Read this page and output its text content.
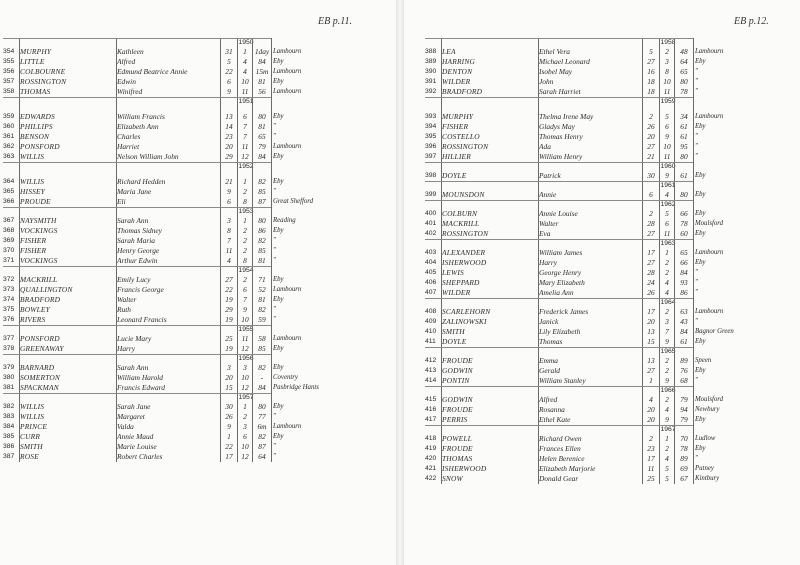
EB p.11.
1950
354 MURPHY	Kathleen	31	1	1day Lambourn
355 LITTLE	Alfred	5	4	84	Eby
356 COLBOURNE	Edmund Beatrice Annie	22	4	15m Lambourn
357 ROSSINGTON	Edwin	6	10	81	Eby
358 THOMAS	Winifred	9	11	56	Lambourn
1951
359 EDWARDS	William Francis	13	6	80	Eby
360 PHILLIPS	Elizabeth Ann	14	7	81	"
361 BENSON	Charles	23	7	65	"
362 PONSFORD	Harriet	20	11	79	Lambourn
363 WILLIS	Nelson William John	29	12	84	Eby
1952
364 WILLIS	Richard Hedden	21	1	82	Eby
365 HISSEY	Maria Jane	9	2	85	"
366 PROUDE	Eli	6	8	87	Great Shefford
1953
367 NAYSMITH	Sarah Ann	3	1	80	Reading
368 VOCKINGS	Thomas Sidney	8	2	86	Eby
369 FISHER	Sarah Maria	7	2	82	"
370 FISHER	Henry George	11	2	85	"
371 VOCKINGS	Arthur Edwin	4	8	81	"
1954
372 MACKRILL	Emily Lucy	27	2	71	Eby
373 QUALLINGTON	Francis George	22	6	52	Lambourn
374 BRADFORD	Walter	19	7	81	Eby
375 BOWLEY	Ruth	29	9	82	"
376 RIVERS	Leonard Francis	19	10	59	"
1955
377 PONSFORD	Lucie Mary	25	11	58	Lambourn
378 GREENAWAY	Harry	19	12	85	Eby
1956
379 BARNARD	Sarah Ann	3	3	82	Eby
380 SOMERTON	William Harold	20	10	-	Coventry
381 SPACKMAN	Francis Edward	15	12	84	Pasbridge Hants
1957
382 WILLIS	Sarah Jane	30	1	80	Eby
383 WILLIS	Margaret	26	2	77	"
384 PRINCE	Valda	9	3	6m Lambourn
385 CURR	Annie Maud	1	6	82	Eby
386 SMITH	Marie Louise	22	10	87	"
387 ROSE	Robert Charles	17	12	64	"
EB p.12.
1958
388 LEA	Ethel Vera	5	2	48	Lambourn
389 HARRING	Michael Leonard	27	3	64	Eby
390 DENTON	Isobel May	16	8	65	"
391 WILDER	John	18	10	80	"
392 BRADFORD	Sarah Harriet	18	11	78	"
1959
393 MURPHY	Thelma Irene May	2	5	34	Lambourn
394 FISHER	Gladys May	26	6	61	Eby
395 COSTELLO	Thomas Henry	20	9	61	"
396 ROSSINGTON	Ada	27	10	95	"
397 HILLIER	William Henry	21	11	80	"
1960
398 DOYLE	Patrick	30	9	61	Eby
1961
399 MOUNSDON	Annie	6	4	80	Eby
1962
400 COLBURN	Annie Louise	2	5	66	Eby
401 MACKRILL	Walter	28	6	78	Moulsford
402 ROSSINGTON	Eva	27	11	60	Eby
1963
403 ALEXANDER	William James	17	1	65	Lambourn
404 ISHERWOOD	Harry	27	2	66	Eby
405 LEWIS	George Henry	28	2	84	"
406 SHEPPARD	Mary Elizabeth	24	4	93	"
407 WILDER	Amelia Ann	26	4	86	"
1964
408 SCARLEHORN	Frederick James	17	2	63	Lambourn
409 ZALINOWSKI	Janick	20	3	43	"
410 SMITH	Lily Elizabeth	13	7	84	Bagnor Green
411 DOYLE	Thomas	15	9	61	Eby
1965
412 FROUDE	Emma	13	2	89	Speen
413 GODWIN	Gerald	27	2	76	Eby
414 PONTIN	William Stanley	1	9	68	"
1966
415 GODWIN	Alfred	4	2	79	Moulsford
416 FROUDE	Rosanna	20	4	94	Newbury
417 PERRIS	Ethel Kate	20	9	79	Eby
1967
418 POWELL	Richard Owen	2	1	70	Ludlow
419 FROUDE	Frances Ellen	23	2	78	Eby
420 THOMAS	Helen Berenice	17	4	89	"
421 ISHERWOOD	Elizabeth Marjorie	11	5	69	Putney
422 SNOW	Donald Gear	25	5	67	Kintbury
